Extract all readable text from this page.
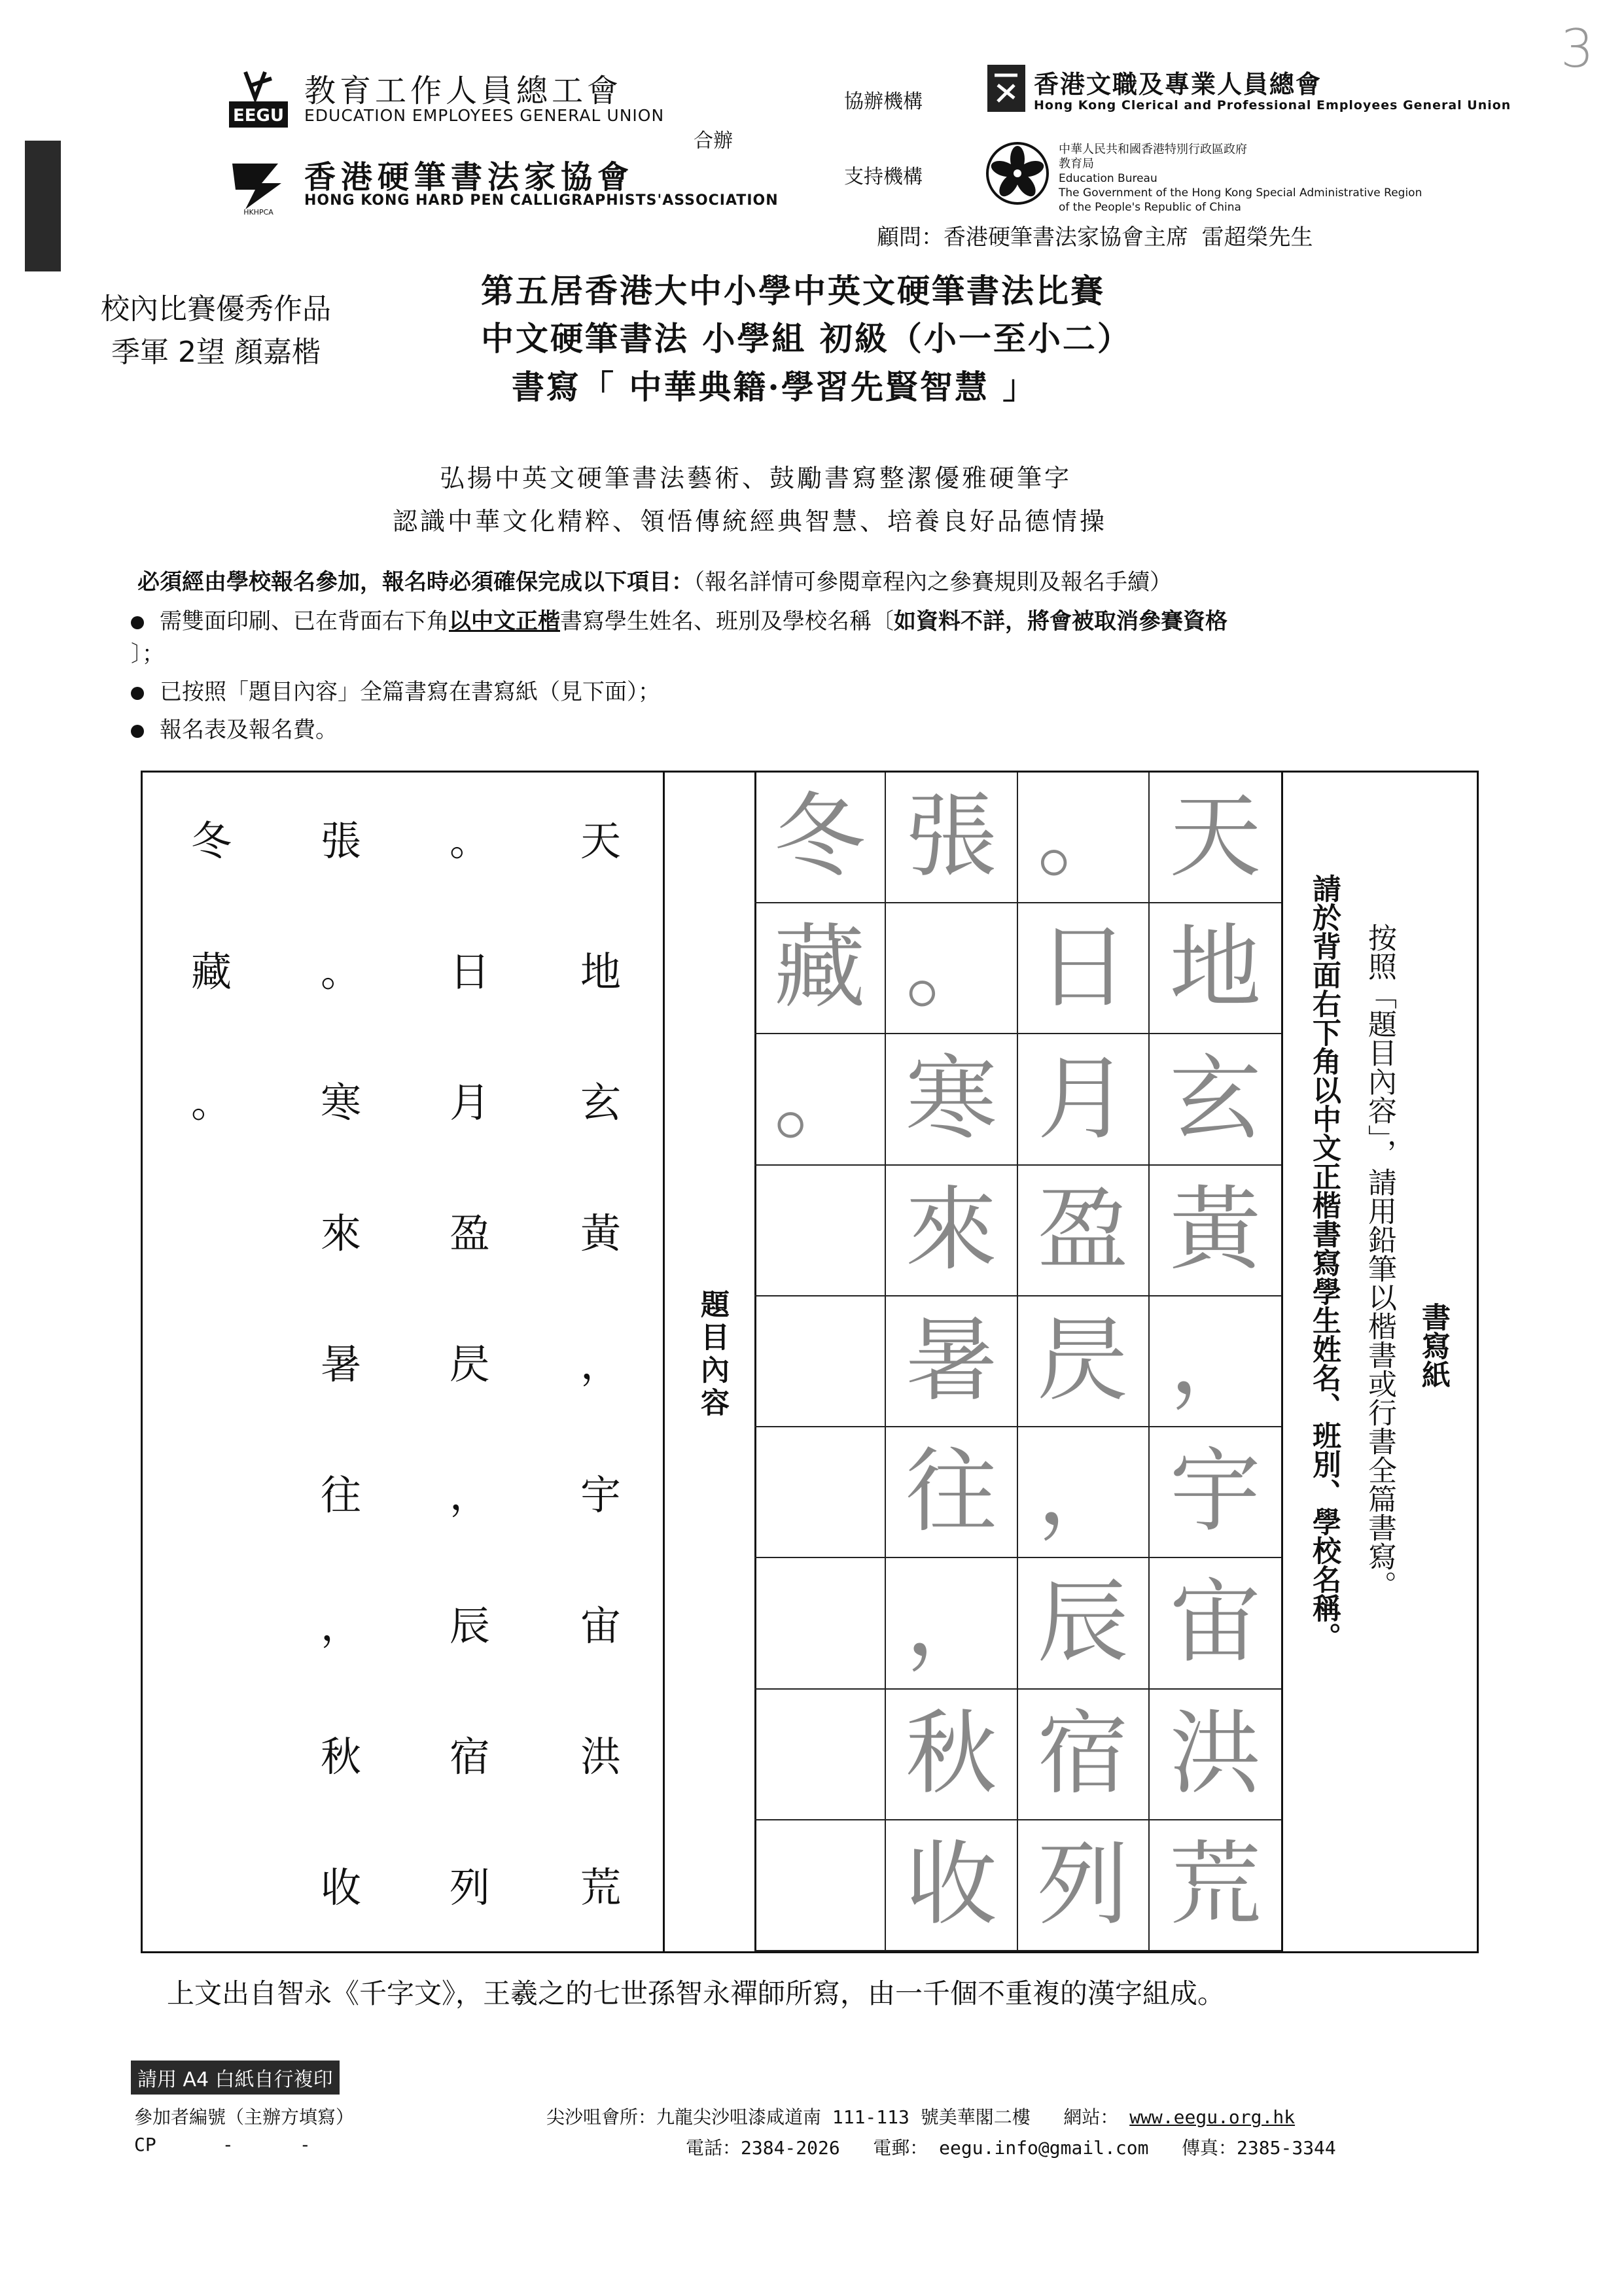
3
EEGU
教育工作人員總工會
EDUCATION EMPLOYEES GENERAL UNION
合辦
HKHPCA
香港硬筆書法家協會
HONG KONG HARD PEN CALLIGRAPHISTS'ASSOCIATION
協辦機構
香港文職及專業人員總會
Hong Kong Clerical and Professional Employees General Union
支持機構
中華人民共和國香港特別行政區政府
教育局
Education Bureau
The Government of the Hong Kong Special Administrative Region
of the People's Republic of China
顧問：香港硬筆書法家協會主席 雷超榮先生
校內比賽優秀作品
季軍 2望 顏嘉楷
第五居香港大中小學中英文硬筆書法比賽
中文硬筆書法 小學組 初級（小一至小二）
書寫「 中華典籍·學習先賢智慧 」
弘揚中英文硬筆書法藝術、鼓勵書寫整潔優雅硬筆字
認識中華文化精粹、領悟傳統經典智慧、培養良好品德情操
必須經由學校報名參加，報名時必須確保完成以下項目：（報名詳情可參閱章程內之參賽規則及報名手續）
需雙面印刷、已在背面右下角以中文正楷書寫學生姓名、班別及學校名稱〔如資料不詳，將會被取消參賽資格
〕；
已按照「題目內容」全篇書寫在書寫紙（見下面）；
報名表及報名費。
冬
藏
。
張
。
寒
來
暑
往
，
秋
收
。
日
月
盈
昃
，
辰
宿
列
天
地
玄
黃
，
宇
宙
洪
荒
題目內容
冬
藏
。
張
。
寒
來
暑
往
，
秋
收
。
日
月
盈
昃
，
辰
宿
列
天
地
玄
黃
，
宇
宙
洪
荒
書寫紙
按照「題目內容」，請用鉛筆以楷書或行書全篇書寫。
請於背面右下角以中文正楷書寫學生姓名、班別、學校名稱。
上文出自智永《千字文》，王羲之的七世孫智永禪師所寫，由一千個不重複的漢字組成。
請用 A4 白紙自行複印
參加者編號（主辦方填寫）
CP      -      -
尖沙咀會所：九龍尖沙咀漆咸道南 111-113 號美華閣二樓 網站： www.eegu.org.hk
電話：2384-2026 電郵： eegu.info@gmail.com 傳真：2385-3344
